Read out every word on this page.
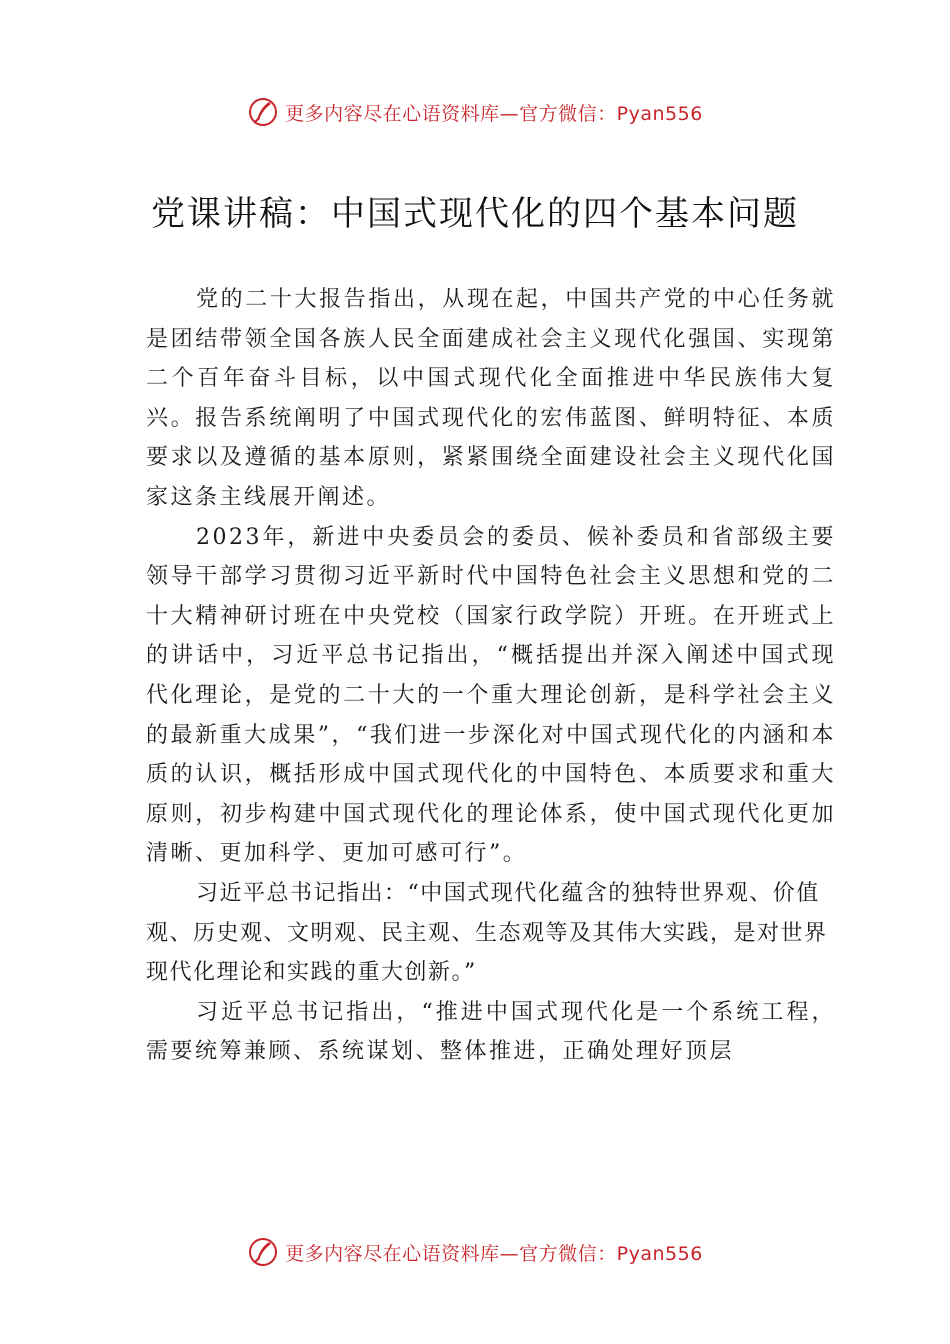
更多内容尽在心语资料库—官方微信：Pyan556
党课讲稿：中国式现代化的四个基本问题

党的二十大报告指出，从现在起，中国共产党的中心任务就是团结带领全国各族人民全面建成社会主义现代化强国、实现第二个百年奋斗目标，以中国式现代化全面推进中华民族伟大复兴。报告系统阐明了中国式现代化的宏伟蓝图、鲜明特征、本质要求以及遵循的基本原则，紧紧围绕全面建设社会主义现代化国家这条主线展开阐述。

2023年，新进中央委员会的委员、候补委员和省部级主要领导干部学习贯彻习近平新时代中国特色社会主义思想和党的二十大精神研讨班在中央党校（国家行政学院）开班。在开班式上的讲话中，习近平总书记指出，“概括提出并深入阐述中国式现代化理论，是党的二十大的一个重大理论创新，是科学社会主义的最新重大成果”，“我们进一步深化对中国式现代化的内涵和本质的认识，概括形成中国式现代化的中国特色、本质要求和重大原则，初步构建中国式现代化的理论体系，使中国式现代化更加清晰、更加科学、更加可感可行”。

习近平总书记指出：“中国式现代化蕴含的独特世界观、价值观、历史观、文明观、民主观、生态观等及其伟大实践，是对世界现代化理论和实践的重大创新。”

习近平总书记指出，“推进中国式现代化是一个系统工程，需要统筹兼顾、系统谋划、整体推进，正确处理好顶层

更多内容尽在心语资料库—官方微信：Pyan556
